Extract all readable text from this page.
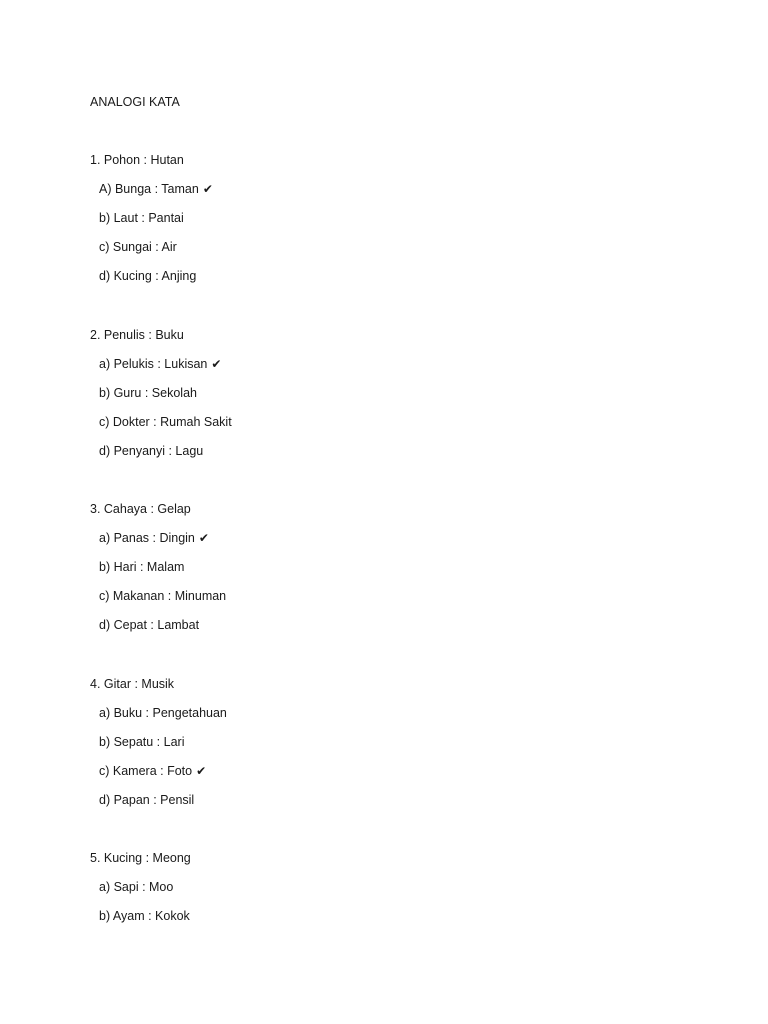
ANALOGI KATA
1. Pohon : Hutan
A) Bunga : Taman ✔
b) Laut : Pantai
c) Sungai : Air
d) Kucing : Anjing
2. Penulis : Buku
a) Pelukis : Lukisan ✔
b) Guru : Sekolah
c) Dokter : Rumah Sakit
d) Penyanyi : Lagu
3. Cahaya : Gelap
a) Panas : Dingin ✔
b) Hari : Malam
c) Makanan : Minuman
d) Cepat : Lambat
4. Gitar : Musik
a) Buku : Pengetahuan
b) Sepatu : Lari
c) Kamera : Foto ✔
d) Papan : Pensil
5. Kucing : Meong
a) Sapi : Moo
b) Ayam : Kokok
